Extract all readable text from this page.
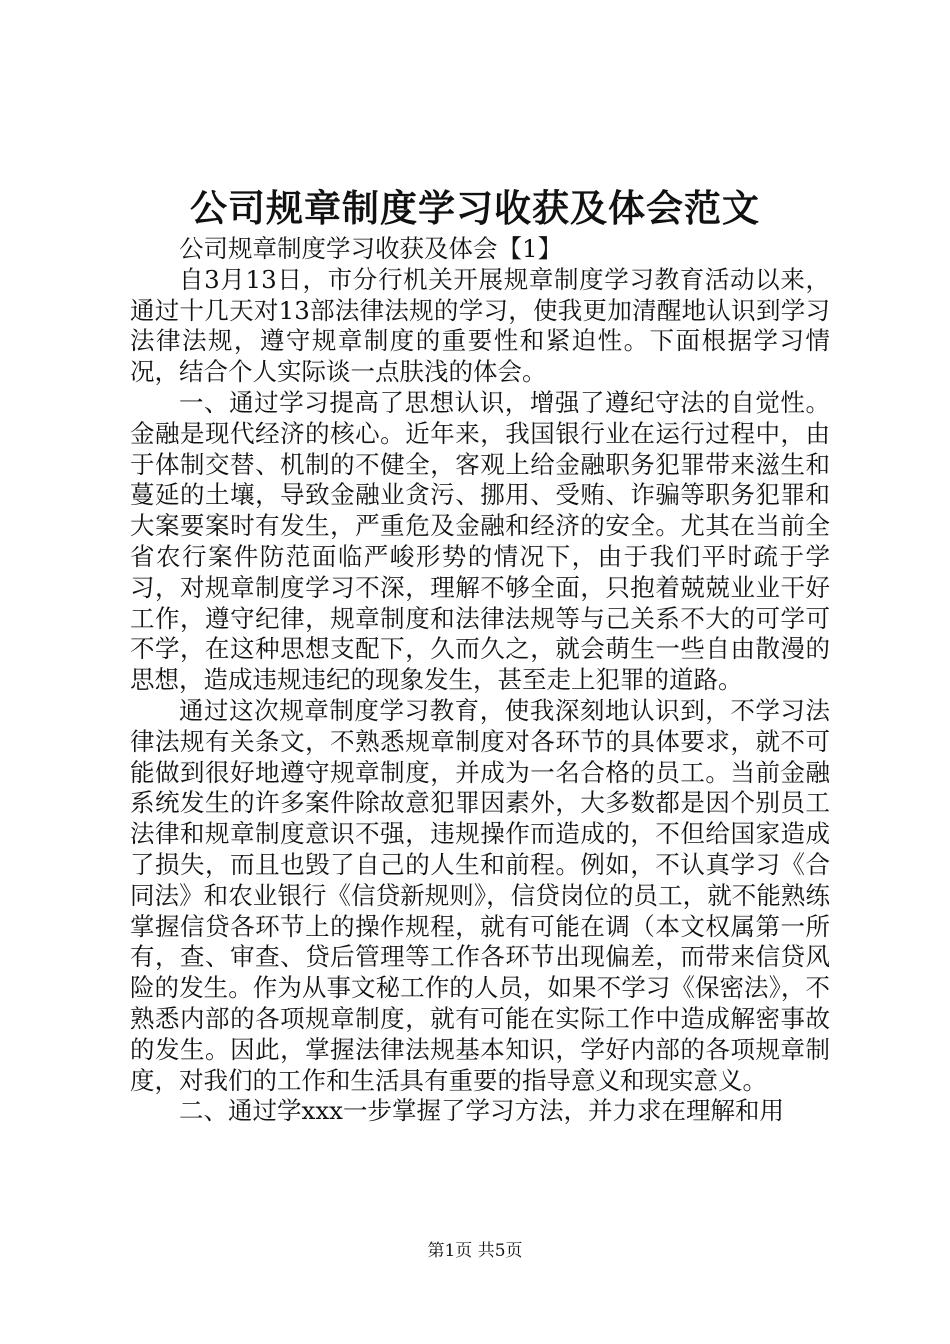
公司规章制度学习收获及体会范文

公司规章制度学习收获及体会【1】

自3月13日，市分行机关开展规章制度学习教育活动以来，通过十几天对13部法律法规的学习，使我更加清醒地认识到学习法律法规，遵守规章制度的重要性和紧迫性。下面根据学习情况，结合个人实际谈一点肤浅的体会。

一、通过学习提高了思想认识，增强了遵纪守法的自觉性。金融是现代经济的核心。近年来，我国银行业在运行过程中，由于体制交替、机制的不健全，客观上给金融职务犯罪带来滋生和蔓延的土壤，导致金融业贪污、挪用、受贿、诈骗等职务犯罪和大案要案时有发生，严重危及金融和经济的安全。尤其在当前全省农行案件防范面临严峻形势的情况下，由于我们平时疏于学习，对规章制度学习不深，理解不够全面，只抱着兢兢业业干好工作，遵守纪律，规章制度和法律法规等与己关系不大的可学可不学，在这种思想支配下，久而久之，就会萌生一些自由散漫的思想，造成违规违纪的现象发生，甚至走上犯罪的道路。

通过这次规章制度学习教育，使我深刻地认识到，不学习法律法规有关条文，不熟悉规章制度对各环节的具体要求，就不可能做到很好地遵守规章制度，并成为一名合格的员工。当前金融系统发生的许多案件除故意犯罪因素外，大多数都是因个别员工法律和规章制度意识不强，违规操作而造成的，不但给国家造成了损失，而且也毁了自己的人生和前程。例如，不认真学习《合同法》和农业银行《信贷新规则》，信贷岗位的员工，就不能熟练掌握信贷各环节上的操作规程，就有可能在调（本文权属第一所有，查、审查、贷后管理等工作各环节出现偏差，而带来信贷风险的发生。作为从事文秘工作的人员，如果不学习《保密法》，不熟悉内部的各项规章制度，就有可能在实际工作中造成解密事故的发生。因此，掌握法律法规基本知识，学好内部的各项规章制度，对我们的工作和生活具有重要的指导意义和现实意义。

二、通过学xxx一步掌握了学习方法，并力求在理解和用

第1页 共5页
